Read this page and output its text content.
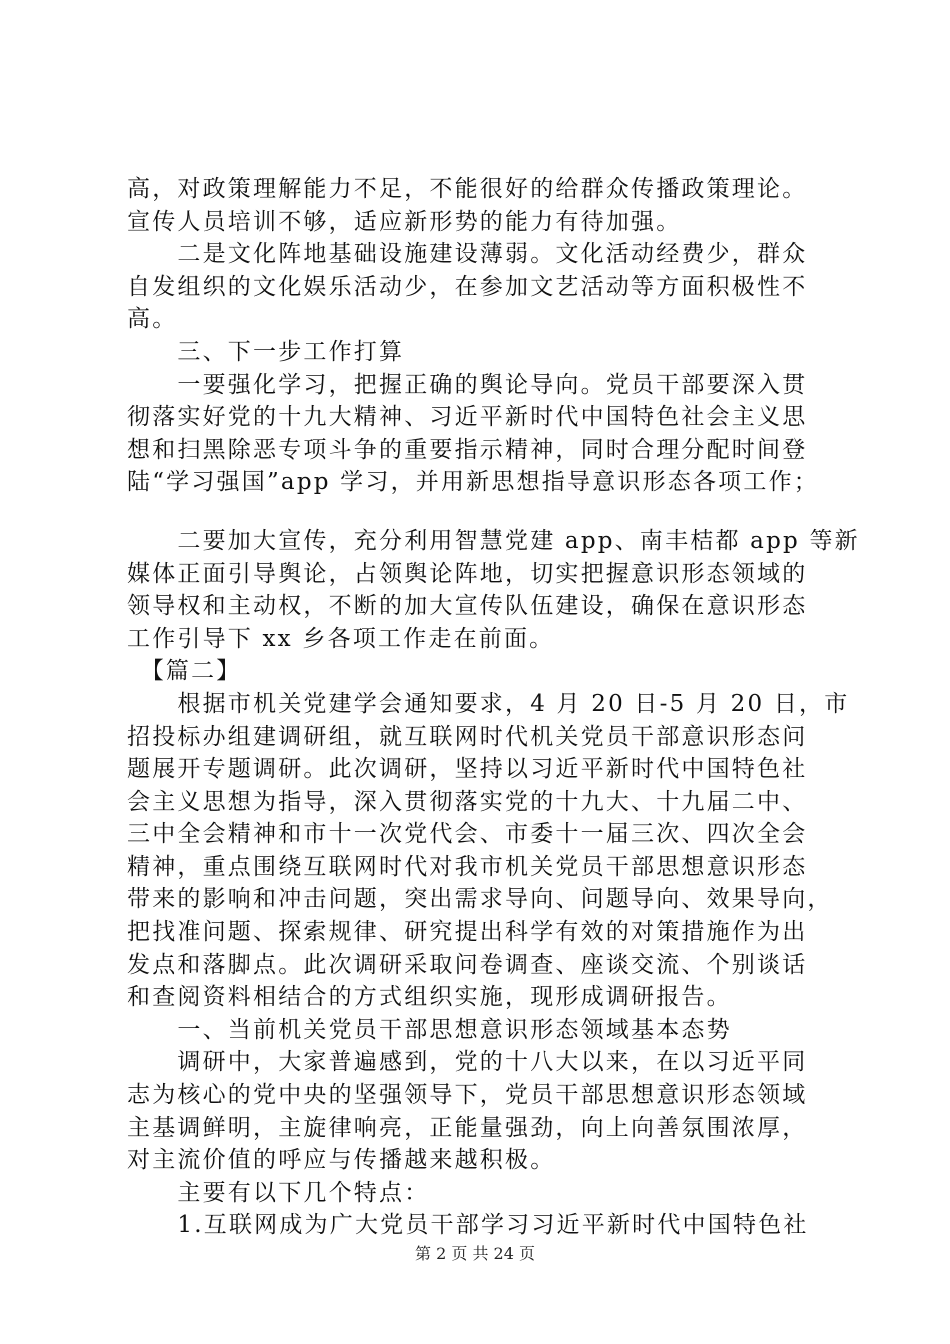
高，对政策理解能力不足，不能很好的给群众传播政策理论。
宣传人员培训不够，适应新形势的能力有待加强。
　　二是文化阵地基础设施建设薄弱。文化活动经费少，群众
自发组织的文化娱乐活动少，在参加文艺活动等方面积极性不
高。
　　三、下一步工作打算
　　一要强化学习，把握正确的舆论导向。党员干部要深入贯
彻落实好党的十九大精神、习近平新时代中国特色社会主义思
想和扫黑除恶专项斗争的重要指示精神，同时合理分配时间登
陆“学习强国”app 学习，并用新思想指导意识形态各项工作；
　　二要加大宣传，充分利用智慧党建 app、南丰桔都 app 等新
媒体正面引导舆论，占领舆论阵地，切实把握意识形态领域的
领导权和主动权，不断的加大宣传队伍建设，确保在意识形态
工作引导下 xx 乡各项工作走在前面。
　【篇二】
　　根据市机关党建学会通知要求，4 月 20 日-5 月 20 日，市
招投标办组建调研组，就互联网时代机关党员干部意识形态问
题展开专题调研。此次调研，坚持以习近平新时代中国特色社
会主义思想为指导，深入贯彻落实党的十九大、十九届二中、
三中全会精神和市十一次党代会、市委十一届三次、四次全会
精神，重点围绕互联网时代对我市机关党员干部思想意识形态
带来的影响和冲击问题，突出需求导向、问题导向、效果导向，
把找准问题、探索规律、研究提出科学有效的对策措施作为出
发点和落脚点。此次调研采取问卷调查、座谈交流、个别谈话
和查阅资料相结合的方式组织实施，现形成调研报告。
　　一、当前机关党员干部思想意识形态领域基本态势
　　调研中，大家普遍感到，党的十八大以来，在以习近平同
志为核心的党中央的坚强领导下，党员干部思想意识形态领域
主基调鲜明，主旋律响亮，正能量强劲，向上向善氛围浓厚，
对主流价值的呼应与传播越来越积极。
　　主要有以下几个特点：
　　1.互联网成为广大党员干部学习习近平新时代中国特色社
第 2 页 共 24 页
